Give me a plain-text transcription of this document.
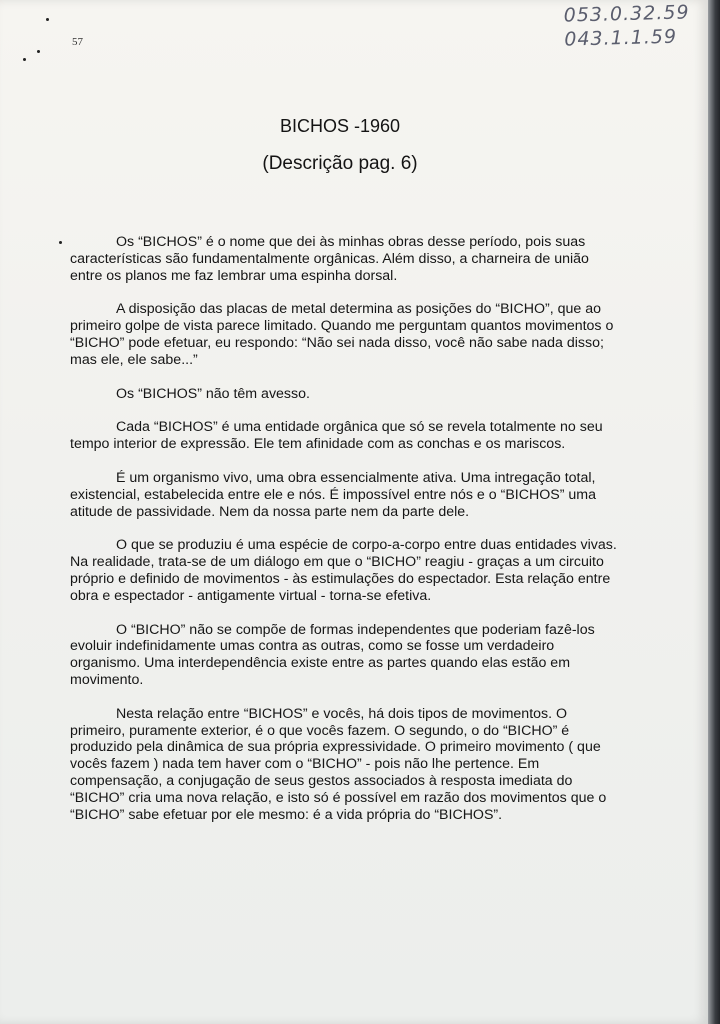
57
053.0.32.59
043.1.1.59
BICHOS -1960
(Descrição pag. 6)

Os “BICHOS” é o nome que dei às minhas obras desse período, pois suas características são fundamentalmente orgânicas. Além disso, a charneira de união entre os planos me faz lembrar uma espinha dorsal.

A disposição das placas de metal determina as posições do “BICHO”, que ao primeiro golpe de vista parece limitado. Quando me perguntam quantos movimentos o “BICHO” pode efetuar, eu respondo: “Não sei nada disso, você não sabe nada disso; mas ele, ele sabe...”

Os “BICHOS” não têm avesso.

Cada “BICHOS” é uma entidade orgânica que só se revela totalmente no seu tempo interior de expressão. Ele tem afinidade com as conchas e os mariscos.

É um organismo vivo, uma obra essencialmente ativa. Uma intregação total, existencial, estabelecida entre ele e nós. É impossível entre nós e o “BICHOS” uma atitude de passividade. Nem da nossa parte nem da parte dele.

O que se produziu é uma espécie de corpo-a-corpo entre duas entidades vivas. Na realidade, trata-se de um diálogo em que o “BICHO” reagiu - graças a um circuito próprio e definido de movimentos - às estimulações do espectador. Esta relação entre obra e espectador - antigamente virtual - torna-se efetiva.

O “BICHO” não se compõe de formas independentes que poderiam fazê-los evoluir indefinidamente umas contra as outras, como se fosse um verdadeiro organismo. Uma interdependência existe entre as partes quando elas estão em movimento.

Nesta relação entre “BICHOS” e vocês, há dois tipos de movimentos. O primeiro, puramente exterior, é o que vocês fazem. O segundo, o do “BICHO” é produzido pela dinâmica de sua própria expressividade. O primeiro movimento ( que vocês fazem ) nada tem haver com o “BICHO” - pois não lhe pertence. Em compensação, a conjugação de seus gestos associados à resposta imediata do “BICHO” cria uma nova relação, e isto só é possível em razão dos movimentos que o “BICHO” sabe efetuar por ele mesmo: é a vida própria do “BICHOS”.
